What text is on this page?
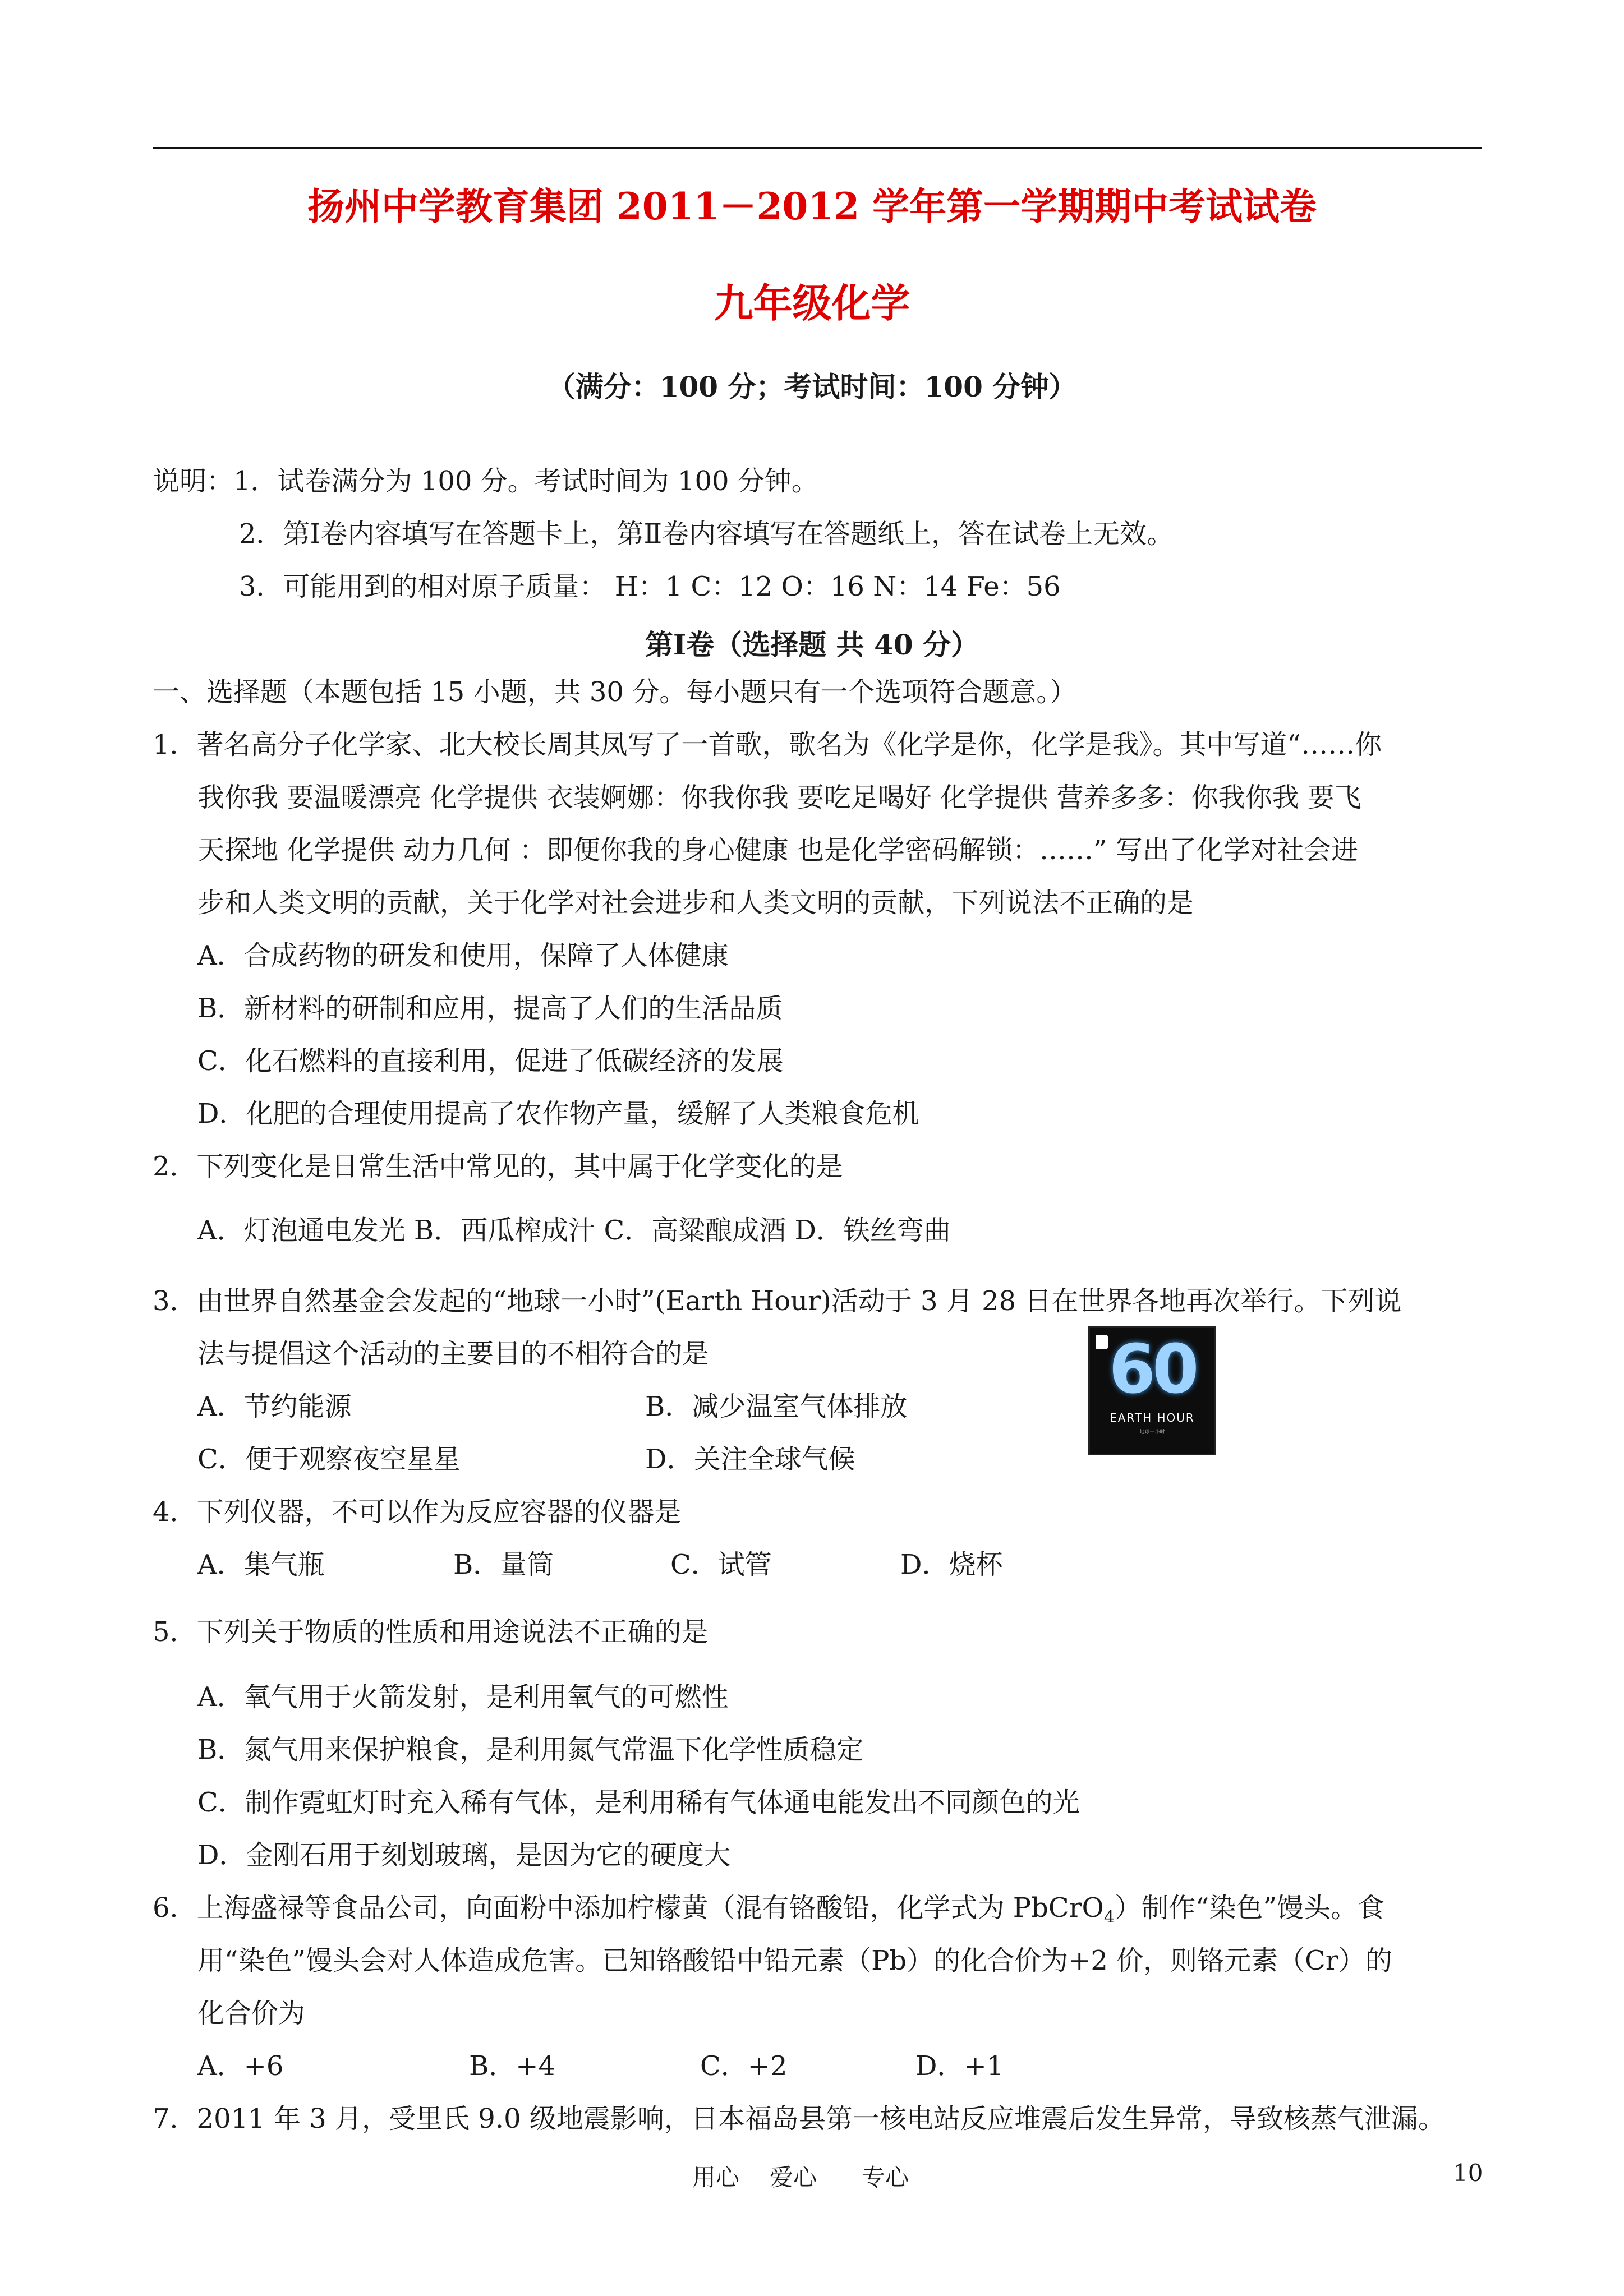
扬州中学教育集团 2011－2012 学年第一学期期中考试试卷
九年级化学
（满分：100 分；考试时间：100 分钟）
说明：1．试卷满分为 100 分。考试时间为 100 分钟。
2．第Ⅰ卷内容填写在答题卡上，第Ⅱ卷内容填写在答题纸上，答在试卷上无效。
3．可能用到的相对原子质量： H：1 C：12 O：16 N：14 Fe：56
第Ⅰ卷（选择题 共 40 分）
一、选择题（本题包括 15 小题，共 30 分。每小题只有一个选项符合题意。）
1．著名高分子化学家、北大校长周其凤写了一首歌，歌名为《化学是你，化学是我》。其中写道“……你
我你我 要温暖漂亮 化学提供 衣装婀娜：你我你我 要吃足喝好 化学提供 营养多多：你我你我 要飞
天探地 化学提供 动力几何 ：即便你我的身心健康 也是化学密码解锁：……” 写出了化学对社会进
步和人类文明的贡献，关于化学对社会进步和人类文明的贡献，下列说法不正确的是
A．合成药物的研发和使用，保障了人体健康
B．新材料的研制和应用，提高了人们的生活品质
C．化石燃料的直接利用，促进了低碳经济的发展
D．化肥的合理使用提高了农作物产量，缓解了人类粮食危机
2．下列变化是日常生活中常见的，其中属于化学变化的是
A．灯泡通电发光 B．西瓜榨成汁 C．高粱酿成酒 D．铁丝弯曲
3．由世界自然基金会发起的“地球一小时”(Earth Hour)活动于 3 月 28 日在世界各地再次举行。下列说
法与提倡这个活动的主要目的不相符合的是
A．节约能源	B．减少温室气体排放
C．便于观察夜空星星	D．关注全球气候
60
EARTH HOUR
地球一小时
4．下列仪器，不可以作为反应容器的仪器是
A．集气瓶	B．量筒	C．试管	D．烧杯
5．下列关于物质的性质和用途说法不正确的是
A．氧气用于火箭发射，是利用氧气的可燃性
B．氮气用来保护粮食，是利用氮气常温下化学性质稳定
C．制作霓虹灯时充入稀有气体，是利用稀有气体通电能发出不同颜色的光
D．金刚石用于刻划玻璃，是因为它的硬度大
6．上海盛禄等食品公司，向面粉中添加柠檬黄（混有铬酸铅，化学式为 PbCrO$_4$）制作“染色”馒头。食
用“染色”馒头会对人体造成危害。已知铬酸铅中铅元素（Pb）的化合价为+2 价，则铬元素（Cr）的
化合价为
A．+6	B．+4	C．+2	D．+1
7．2011 年 3 月，受里氏 9.0 级地震影响，日本福岛县第一核电站反应堆震后发生异常，导致核蒸气泄漏。
用心 爱心 专心	10
